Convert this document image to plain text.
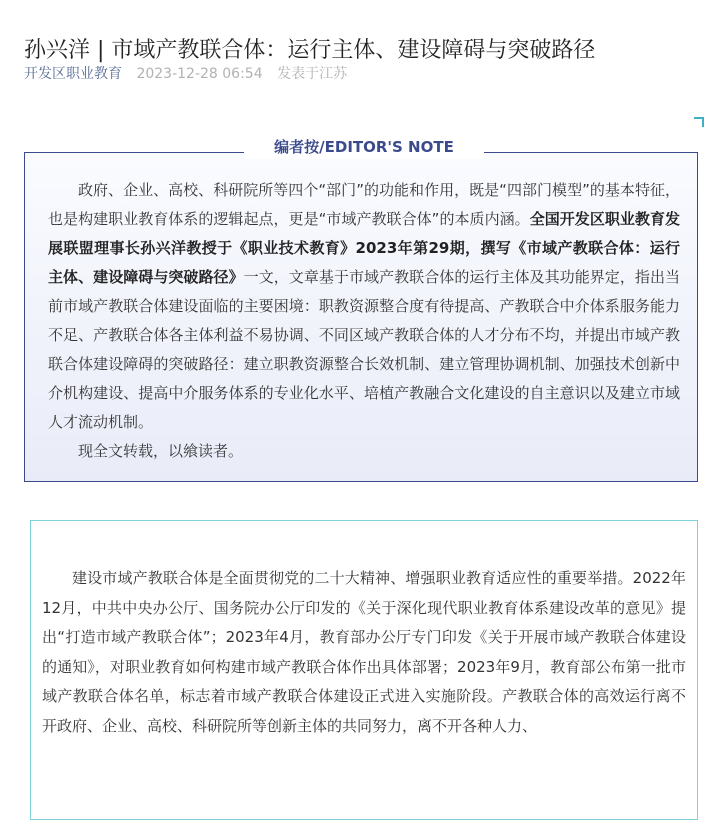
孙兴洋 | 市域产教联合体：运行主体、建设障碍与突破路径
开发区职业教育 2023-12-28 06:54 发表于江苏
编者按/EDITOR'S NOTE

政府、企业、高校、科研院所等四个“部门”的功能和作用，既是“四部门模型”的基本特征，也是构建职业教育体系的逻辑起点，更是“市域产教联合体”的本质内涵。全国开发区职业教育发展联盟理事长孙兴洋教授于《职业技术教育》2023年第29期，撰写《市域产教联合体：运行主体、建设障碍与突破路径》一文，文章基于市域产教联合体的运行主体及其功能界定，指出当前市域产教联合体建设面临的主要困境：职教资源整合度有待提高、产教联合中介体系服务能力不足、产教联合体各主体利益不易协调、不同区域产教联合体的人才分布不均，并提出市域产教联合体建设障碍的突破路径：建立职教资源整合长效机制、建立管理协调机制、加强技术创新中介机构建设、提高中介服务体系的专业化水平、培植产教融合文化建设的自主意识以及建立市域人才流动机制。

现全文转载，以飨读者。

建设市域产教联合体是全面贯彻党的二十大精神、增强职业教育适应性的重要举措。2022年12月，中共中央办公厅、国务院办公厅印发的《关于深化现代职业教育体系建设改革的意见》提出“打造市域产教联合体”；2023年4月，教育部办公厅专门印发《关于开展市域产教联合体建设的通知》，对职业教育如何构建市域产教联合体作出具体部署；2023年9月，教育部公布第一批市域产教联合体名单，标志着市域产教联合体建设正式进入实施阶段。产教联合体的高效运行离不开政府、企业、高校、科研院所等创新主体的共同努力，离不开各种人力、
